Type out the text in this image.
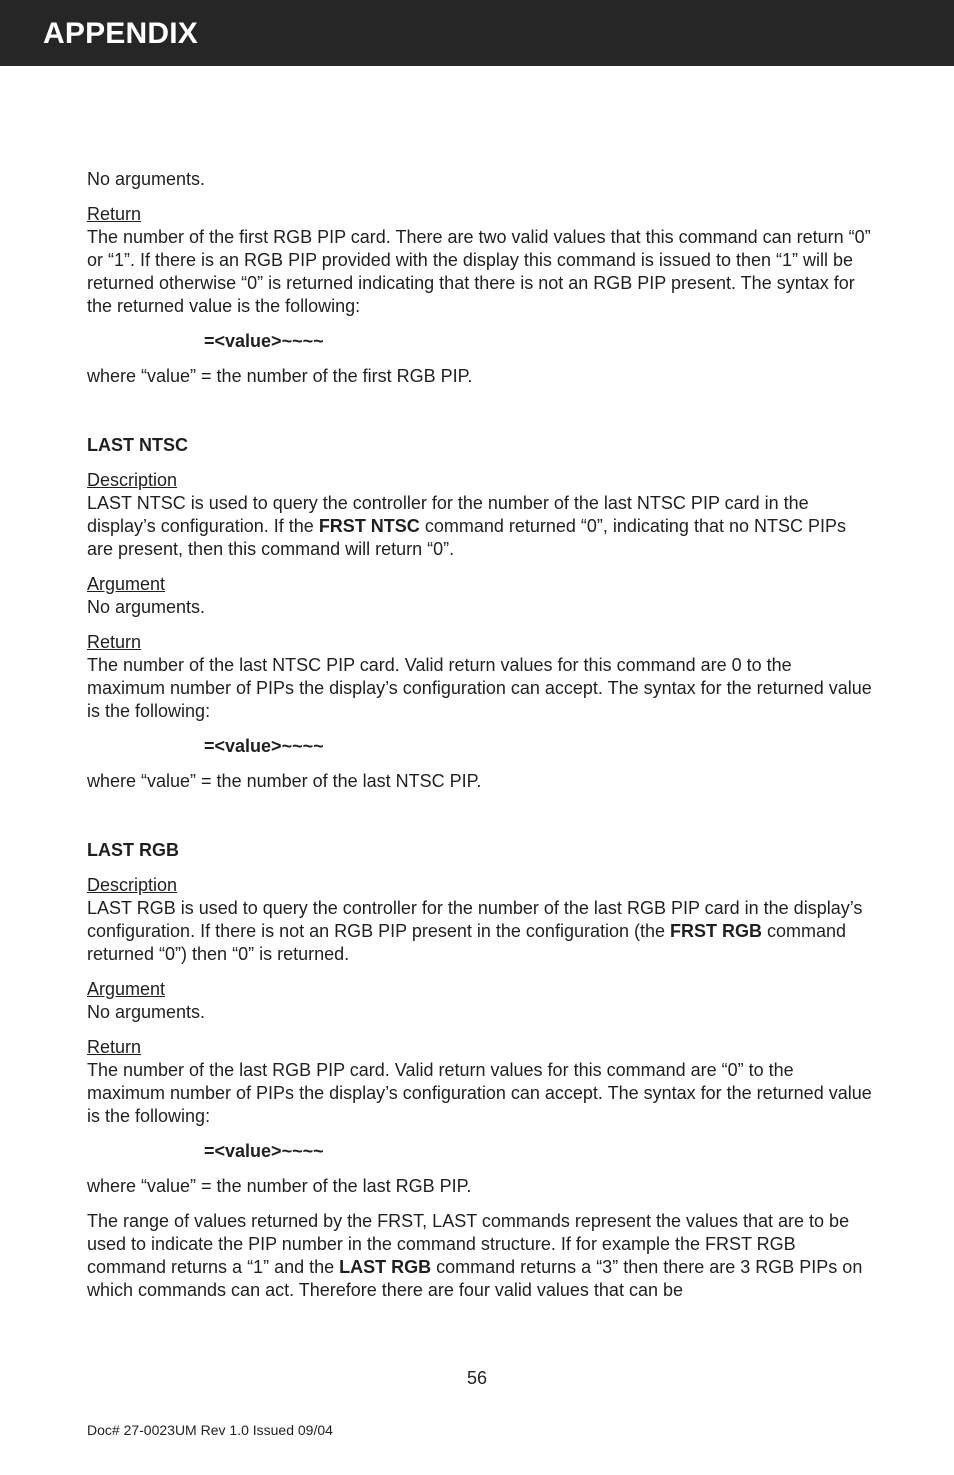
APPENDIX

No arguments.

Return

The number of the first RGB PIP card. There are two valid values that this command can return “0” or “1”. If there is an RGB PIP provided with the display this command is issued to then “1” will be returned otherwise “0” is returned indicating that there is not an RGB PIP present. The syntax for the returned value is the following:

=<value>~~~~

where “value” = the number of the first RGB PIP.

LAST NTSC

Description

LAST NTSC is used to query the controller for the number of the last NTSC PIP card in the display’s configuration. If the FRST NTSC command returned “0”, indicating that no NTSC PIPs are present, then this command will return “0”.

Argument

No arguments.

Return

The number of the last NTSC PIP card. Valid return values for this command are 0 to the maximum number of PIPs the display’s configuration can accept. The syntax for the returned value is the following:

=<value>~~~~

where “value” = the number of the last NTSC PIP.

LAST RGB

Description

LAST RGB is used to query the controller for the number of the last RGB PIP card in the display’s configuration. If there is not an RGB PIP present in the configuration (the FRST RGB command returned “0”) then “0” is returned.

Argument

No arguments.

Return

The number of the last RGB PIP card. Valid return values for this command are “0” to the maximum number of PIPs the display’s configuration can accept. The syntax for the returned value is the following:

=<value>~~~~

where “value” = the number of the last RGB PIP.

The range of values returned by the FRST, LAST commands represent the values that are to be used to indicate the PIP number in the command structure. If for example the FRST RGB command returns a “1” and the LAST RGB command returns a “3” then there are 3 RGB PIPs on which commands can act. Therefore there are four valid values that can be

56
Doc# 27-0023UM Rev 1.0 Issued 09/04
